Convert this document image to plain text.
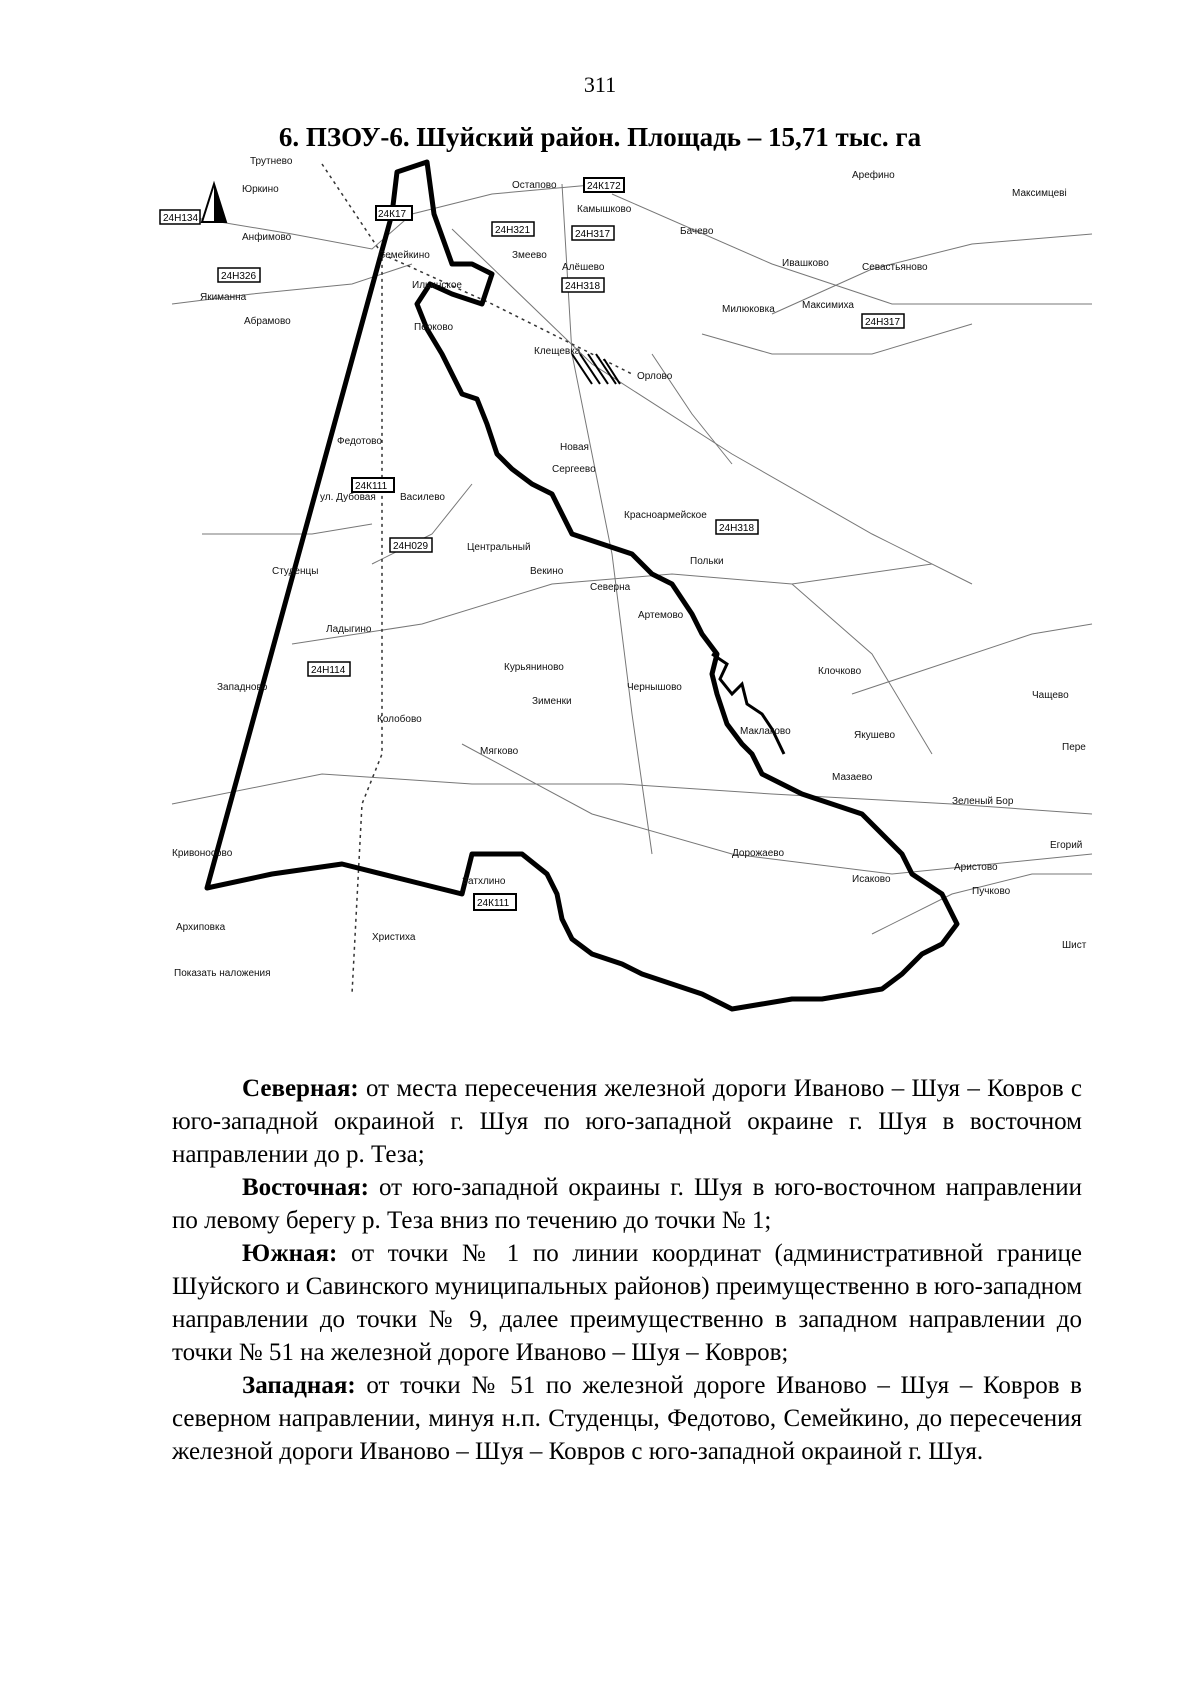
311
6. ПЗОУ-6. Шуйский район. Площадь – 15,71 тыс. га
Трутнево
Юркино
Анфимово
Якиманна
Абрамово
Остапово
Камышково
Бачево
Арефино
Максимцеві
Семейкино	Змеево
Алёшево	Ивашково	Севастьяново
Ильинское
Милюковка	Максимиха
Перково
Клещевка
Орлово
Федотово
Новая
Сергеево
ул. Дубовая Василево
Красноармейское
Центральный
Польки
Студенцы	Векино
Северна
Артемово
Ладыгино
Курьяниново	Клочково
Западново	Чернышово
Зименки
Чащево
Колобово
Маклаково	Якушево
Мягково	Пере
Мазаево
Зеленый Бор
Егорий
Кривоносово	Дорожаево
Аристово
Исаково
Пучково
Затхлино
Архиповка
Шист
Христиха
24К172
24Н134	24К17
24Н321	24Н317
24Н326
24Н318
24Н317
24К111
24Н318
24Н029
24Н114
24К111
Показать наложения

Северная: от места пересечения железной дороги Иваново – Шуя – Ковров с юго-западной окраиной г. Шуя по юго-западной окраине г. Шуя в восточном направлении до р. Теза;

Восточная: от юго-западной окраины г. Шуя в юго-восточном направлении по левому берегу р. Теза вниз по течению до точки № 1;

Южная: от точки № 1 по линии координат (административной границе Шуйского и Савинского муниципальных районов) преимущественно в юго-западном направлении до точки № 9, далее преимущественно в западном направлении до точки № 51 на железной дороге Иваново – Шуя – Ковров;

Западная: от точки № 51 по железной дороге Иваново – Шуя – Ковров в северном направлении, минуя н.п. Студенцы, Федотово, Семейкино, до пересечения железной дороги Иваново – Шуя – Ковров с юго-западной окраиной г. Шуя.
